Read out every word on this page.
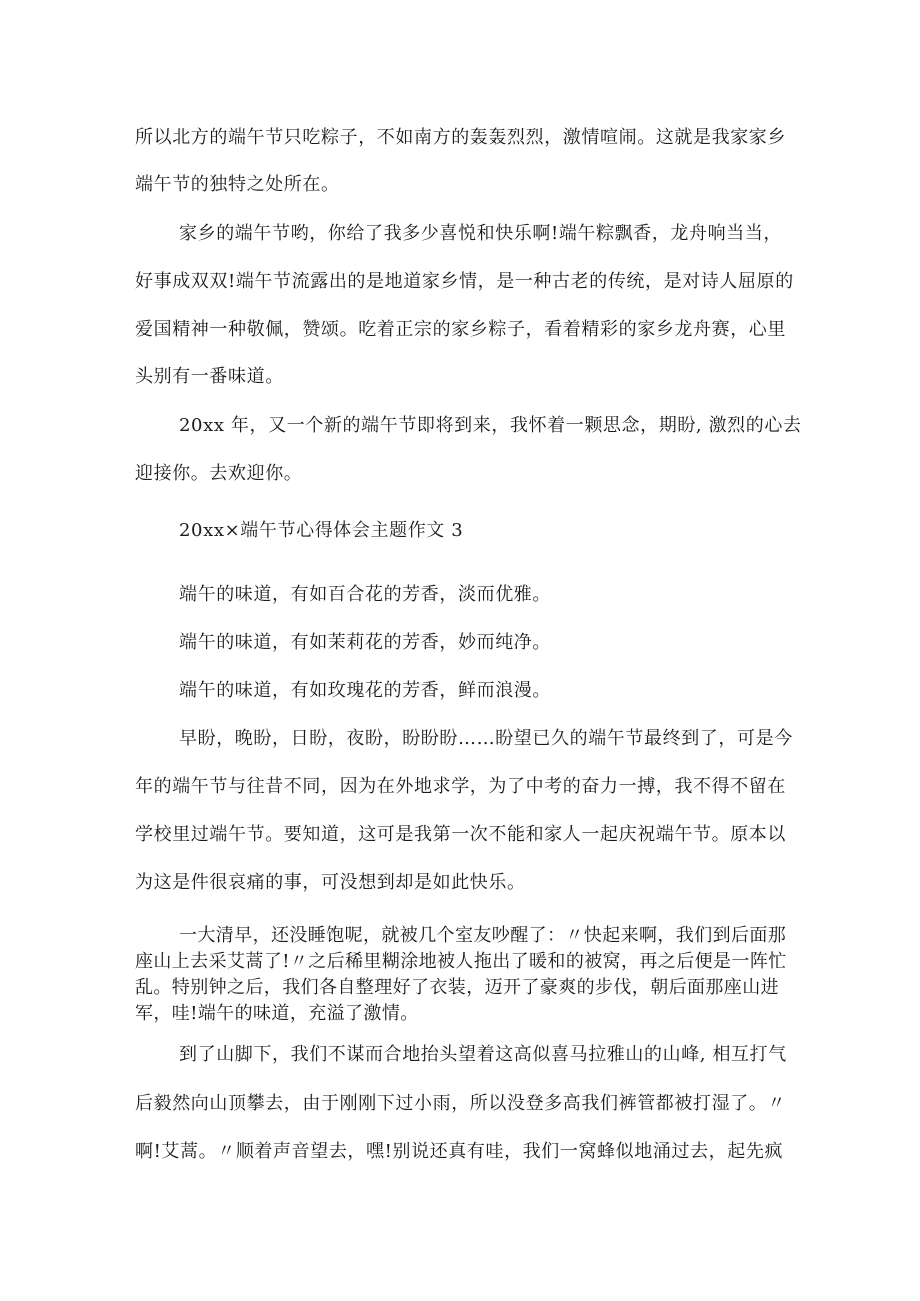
所以北方的端午节只吃粽子，不如南方的轰轰烈烈，激情喧闹。这就是我家家乡
端午节的独特之处所在。
家乡的端午节哟，你给了我多少喜悦和快乐啊!端午粽飘香，龙舟响当当，
好事成双双!端午节流露出的是地道家乡情，是一种古老的传统，是对诗人屈原的
爱国精神一种敬佩，赞颂。吃着正宗的家乡粽子，看着精彩的家乡龙舟赛，心里
头别有一番味道。
20xx 年，又一个新的端午节即将到来，我怀着一颗思念，期盼, 激烈的心去
迎接你。去欢迎你。
20xx×端午节心得体会主题作文 3
端午的味道，有如百合花的芳香，淡而优雅。
端午的味道，有如茉莉花的芳香，妙而纯净。
端午的味道，有如玫瑰花的芳香，鲜而浪漫。
早盼，晚盼，日盼，夜盼，盼盼盼……盼望已久的端午节最终到了，可是今
年的端午节与往昔不同，因为在外地求学，为了中考的奋力一搏，我不得不留在
学校里过端午节。要知道，这可是我第一次不能和家人一起庆祝端午节。原本以
为这是件很哀痛的事，可没想到却是如此快乐。
一大清早，还没睡饱呢，就被几个室友吵醒了：〃快起来啊，我们到后面那
座山上去采艾蒿了!〃之后稀里糊涂地被人拖出了暖和的被窝，再之后便是一阵忙
乱。特别钟之后，我们各自整理好了衣装，迈开了豪爽的步伐，朝后面那座山进
军，哇!端午的味道，充溢了激情。
到了山脚下，我们不谋而合地抬头望着这高似喜马拉雅山的山峰, 相互打气
后毅然向山顶攀去，由于刚刚下过小雨，所以没登多高我们裤管都被打湿了。〃
啊!艾蒿。〃顺着声音望去，嘿!别说还真有哇，我们一窝蜂似地涌过去，起先疯
